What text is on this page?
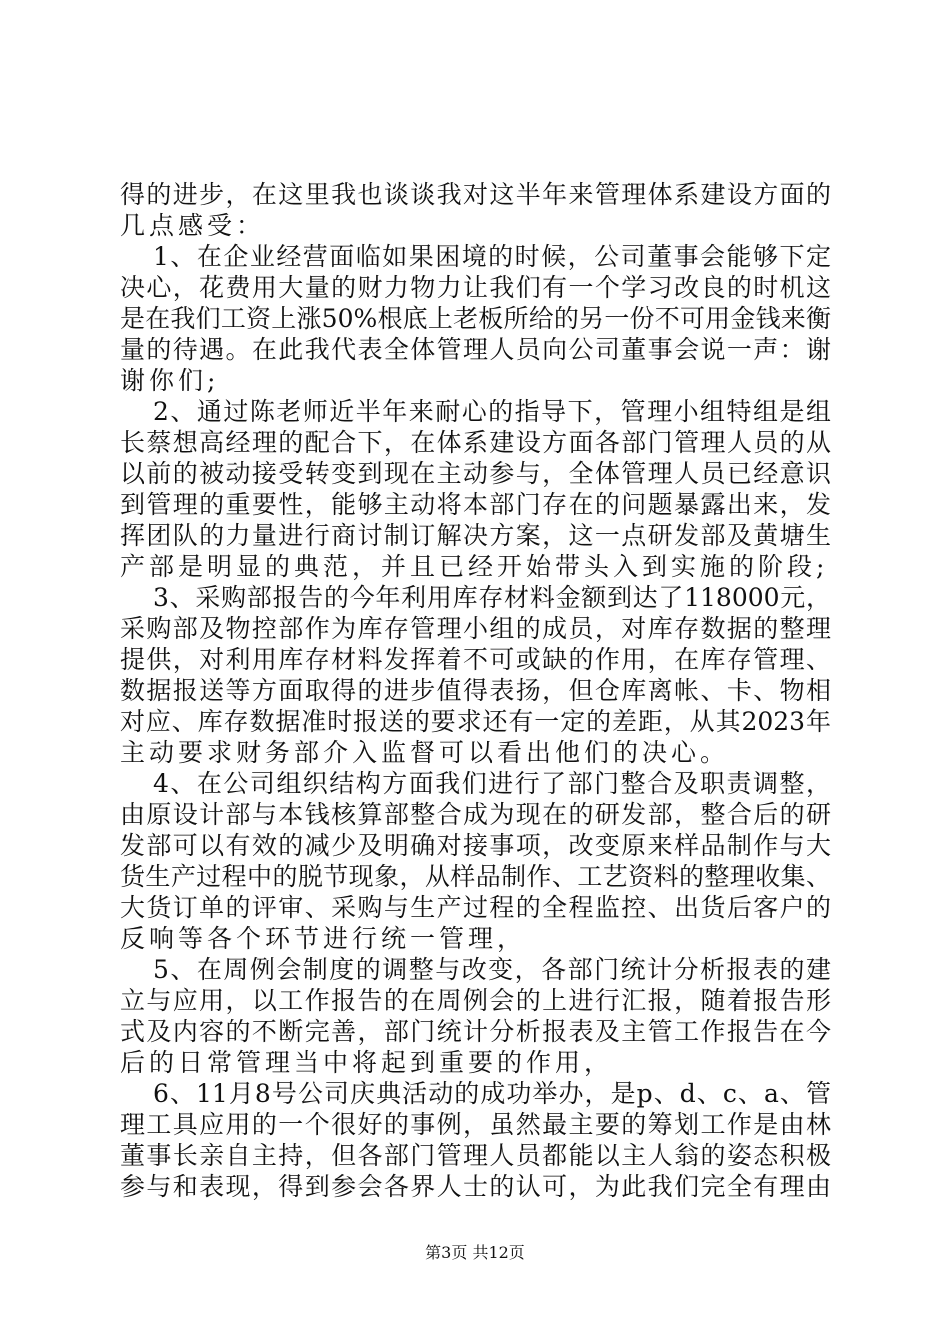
得的进步，在这里我也谈谈我对这半年来管理体系建设方面的
几点感受：
1、在企业经营面临如果困境的时候，公司董事会能够下定
决心，花费用大量的财力物力让我们有一个学习改良的时机这
是在我们工资上涨50%根底上老板所给的另一份不可用金钱来衡
量的待遇。在此我代表全体管理人员向公司董事会说一声：谢
谢你们;
2、通过陈老师近半年来耐心的指导下，管理小组特组是组
长蔡想高经理的配合下，在体系建设方面各部门管理人员的从
以前的被动接受转变到现在主动参与，全体管理人员已经意识
到管理的重要性，能够主动将本部门存在的问题暴露出来，发
挥团队的力量进行商讨制订解决方案，这一点研发部及黄塘生
产部是明显的典范，并且已经开始带头入到实施的阶段;
3、采购部报告的今年利用库存材料金额到达了118000元，
采购部及物控部作为库存管理小组的成员，对库存数据的整理
提供，对利用库存材料发挥着不可或缺的作用，在库存管理、
数据报送等方面取得的进步值得表扬，但仓库离帐、卡、物相
对应、库存数据准时报送的要求还有一定的差距，从其2023年
主动要求财务部介入监督可以看出他们的决心。
4、在公司组织结构方面我们进行了部门整合及职责调整，
由原设计部与本钱核算部整合成为现在的研发部，整合后的研
发部可以有效的减少及明确对接事项，改变原来样品制作与大
货生产过程中的脱节现象，从样品制作、工艺资料的整理收集、
大货订单的评审、采购与生产过程的全程监控、出货后客户的
反响等各个环节进行统一管理，
5、在周例会制度的调整与改变，各部门统计分析报表的建
立与应用，以工作报告的在周例会的上进行汇报，随着报告形
式及内容的不断完善，部门统计分析报表及主管工作报告在今
后的日常管理当中将起到重要的作用，
6、11月8号公司庆典活动的成功举办，是p、d、c、a、管
理工具应用的一个很好的事例，虽然最主要的筹划工作是由林
董事长亲自主持，但各部门管理人员都能以主人翁的姿态积极
参与和表现，得到参会各界人士的认可，为此我们完全有理由
第3页 共12页
